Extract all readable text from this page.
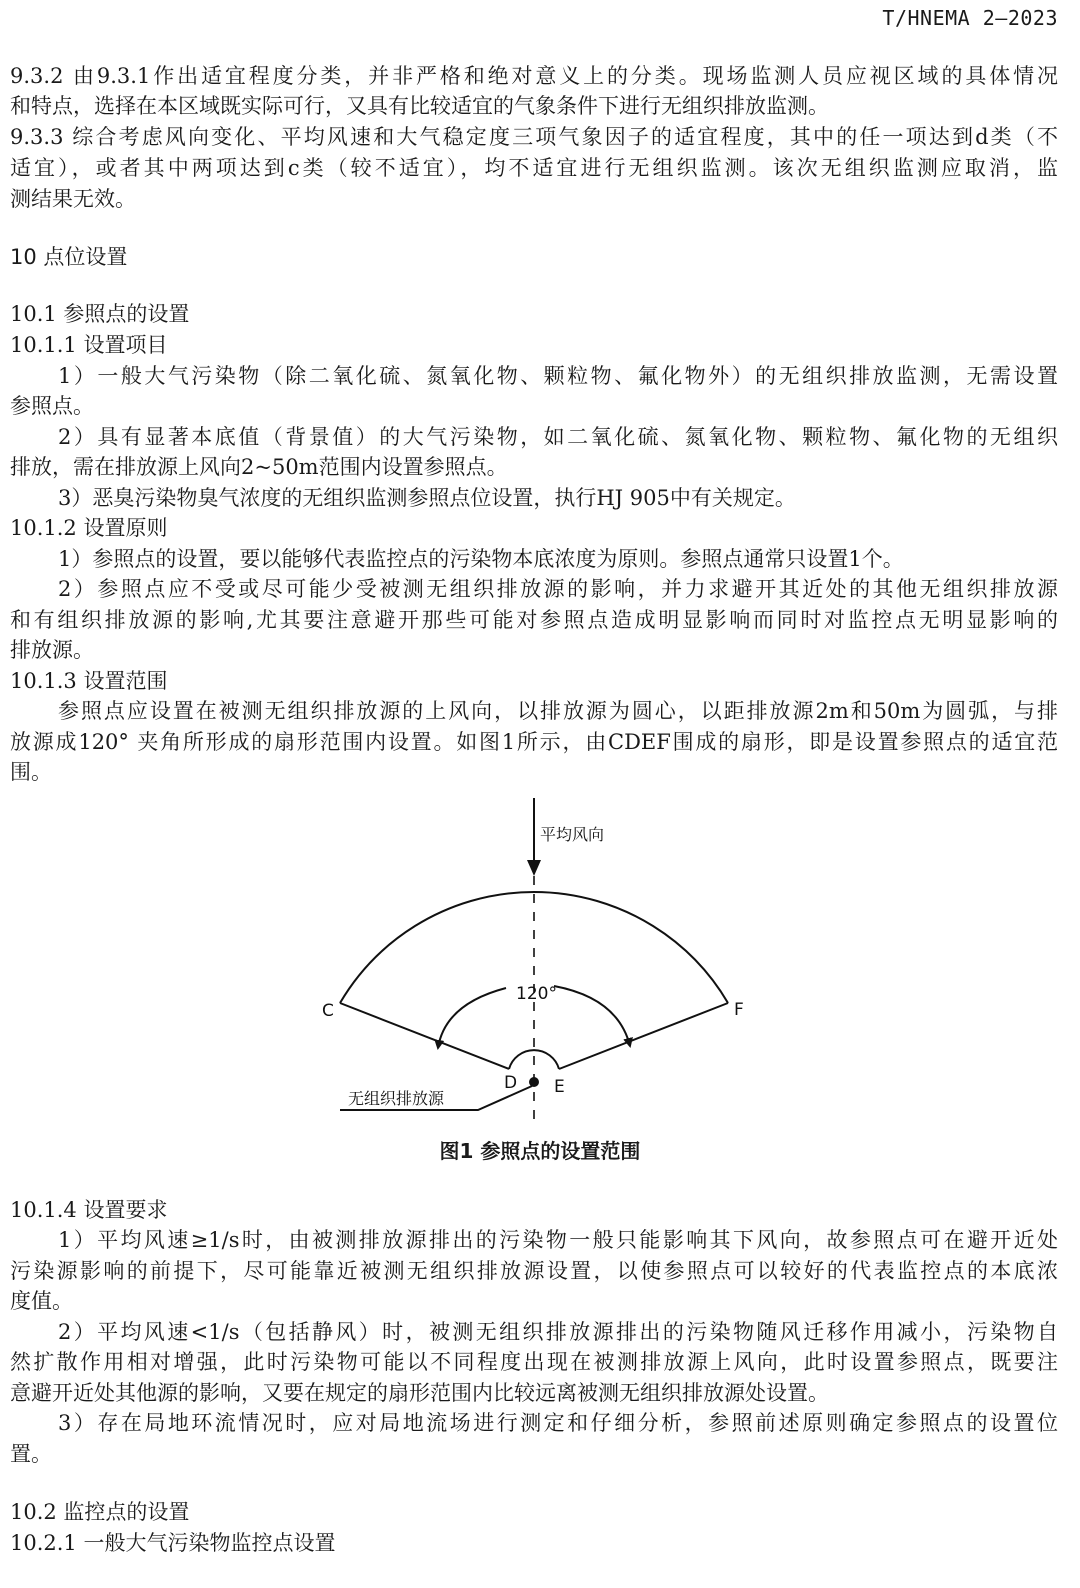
T/HNEMA 2—2023
9.3.2 由9.3.1作出适宜程度分类，并非严格和绝对意义上的分类。现场监测人员应视区域的具体情况
和特点，选择在本区域既实际可行，又具有比较适宜的气象条件下进行无组织排放监测。
9.3.3 综合考虑风向变化、平均风速和大气稳定度三项气象因子的适宜程度，其中的任一项达到d类（不
适宜），或者其中两项达到c类（较不适宜），均不适宜进行无组织监测。该次无组织监测应取消，监
测结果无效。
10 点位设置
10.1 参照点的设置
10.1.1 设置项目
1）一般大气污染物（除二氧化硫、氮氧化物、颗粒物、氟化物外）的无组织排放监测，无需设置
参照点。
2）具有显著本底值（背景值）的大气污染物，如二氧化硫、氮氧化物、颗粒物、氟化物的无组织
排放，需在排放源上风向2~50m范围内设置参照点。
3）恶臭污染物臭气浓度的无组织监测参照点位设置，执行HJ 905中有关规定。
10.1.2 设置原则
1）参照点的设置，要以能够代表监控点的污染物本底浓度为原则。参照点通常只设置1个。
2）参照点应不受或尽可能少受被测无组织排放源的影响，并力求避开其近处的其他无组织排放源
和有组织排放源的影响,尤其要注意避开那些可能对参照点造成明显影响而同时对监控点无明显影响的
排放源。
10.1.3 设置范围
参照点应设置在被测无组织排放源的上风向，以排放源为圆心，以距排放源2m和50m为圆弧，与排
放源成120° 夹角所形成的扇形范围内设置。如图1所示，由CDEF围成的扇形，即是设置参照点的适宜范
围。
平均风向
120°
C	F
D E
无组织排放源
图1 参照点的设置范围
10.1.4 设置要求
1）平均风速≥1/s时，由被测排放源排出的污染物一般只能影响其下风向，故参照点可在避开近处
污染源影响的前提下，尽可能靠近被测无组织排放源设置，以使参照点可以较好的代表监控点的本底浓
度值。
2）平均风速<1/s（包括静风）时，被测无组织排放源排出的污染物随风迁移作用减小，污染物自
然扩散作用相对增强，此时污染物可能以不同程度出现在被测排放源上风向，此时设置参照点，既要注
意避开近处其他源的影响，又要在规定的扇形范围内比较远离被测无组织排放源处设置。
3）存在局地环流情况时，应对局地流场进行测定和仔细分析，参照前述原则确定参照点的设置位
置。
10.2 监控点的设置
10.2.1 一般大气污染物监控点设置
